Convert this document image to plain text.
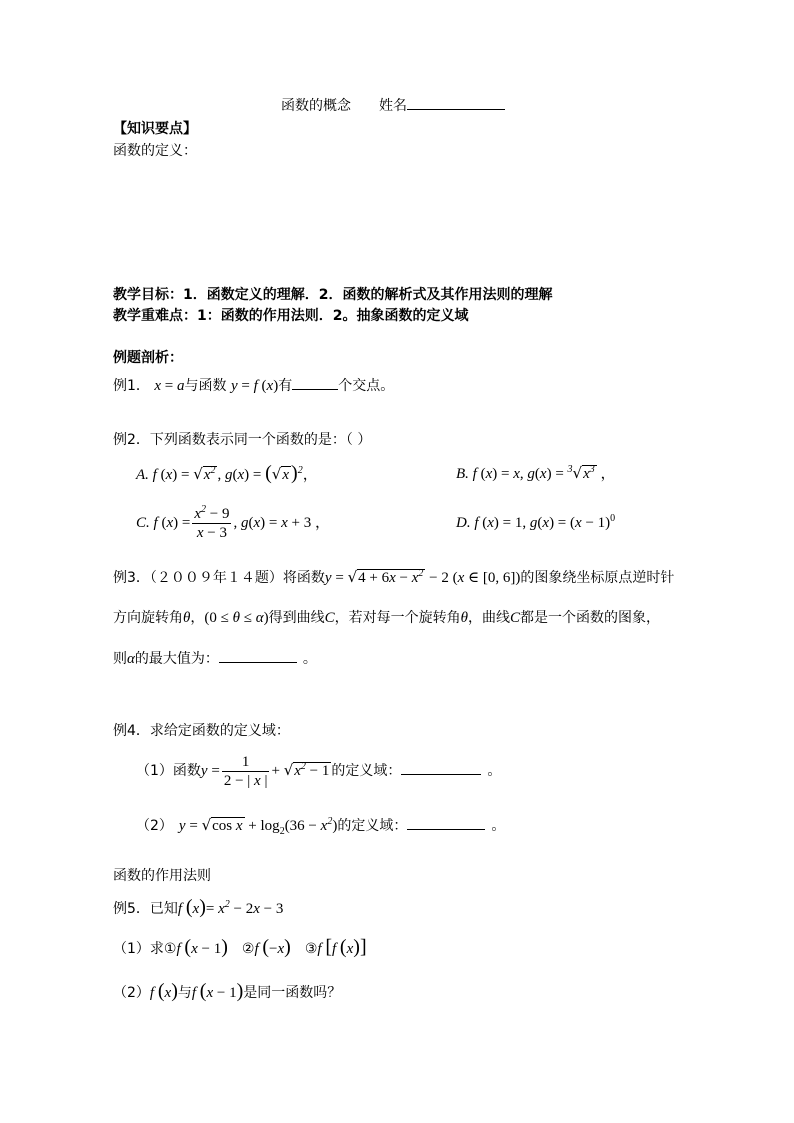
函数的概念 姓名
【知识要点】
函数的定义：
教学目标：1．函数定义的理解．2．函数的解析式及其作用法则的理解
教学重难点：1：函数的作用法则．2。抽象函数的定义域
例题剖析：
例1． x = a与函数 y = f (x)有	个交点。
例2．下列函数表示同一个函数的是：（ ）
A. f $(x) = √x^2$ , g(x) = (√x )$^2$，	B. f (x) = x, $g(x) = ^3√x^3$ ，
C. f $(x) = \frac{x^2 - 9}{x - 3}$ , g(x) = x + 3 ，	D. f (x) = 1, $g(x) = (x - 1)^0$
例3．（２００９年１４题）将函数$y = √4 + 6x - x^2 - 2$ (x ∈ [0, 6])的图象绕坐标原点逆时针
方向旋转角θ，(0 ≤ θ ≤ α)得到曲线C，若对每一个旋转角θ，曲线C都是一个函数的图象，
则α的最大值为：	。
例4．求给定函数的定义域：
（1）函数$y = \frac{1}{2 - | x |} + √x^2 - 1$ 的定义域：	。
（2） y = √cos $x + \log_2(36 - x^2)$的定义域：	。
函数的作用法则
例5．已知f $(x)= x^2 - 2x - 3$
（1）求①f (x − 1) ②f (−x) ③f [f (x)]
（2）f (x)与f (x − 1)是同一函数吗？
